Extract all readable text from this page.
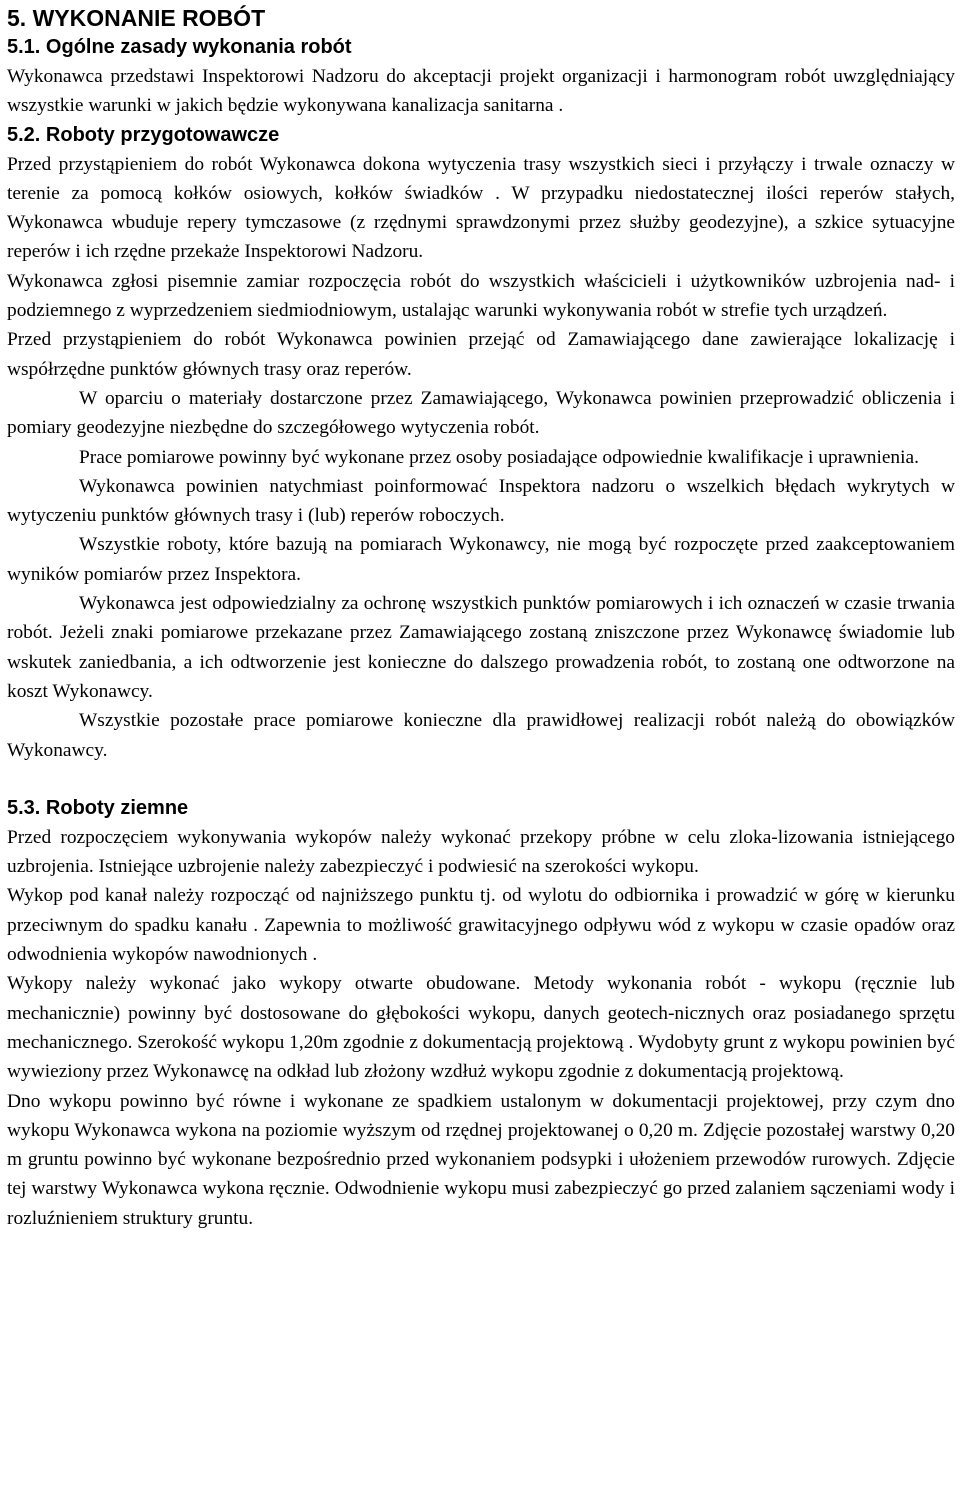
5. WYKONANIE ROBÓT
5.1. Ogólne zasady wykonania robót

Wykonawca przedstawi Inspektorowi Nadzoru do akceptacji projekt organizacji i harmonogram robót uwzględniający wszystkie warunki w jakich będzie wykonywana kanalizacja sanitarna .

5.2. Roboty przygotowawcze

Przed przystąpieniem do robót Wykonawca dokona wytyczenia trasy wszystkich sieci i przyłączy i trwale oznaczy w terenie za pomocą kołków osiowych, kołków świadków . W przypadku niedostatecznej ilości reperów stałych, Wykonawca wbuduje repery tymczasowe (z rzędnymi sprawdzonymi przez służby geodezyjne), a szkice sytuacyjne reperów i ich rzędne przekaże Inspektorowi Nadzoru.

Wykonawca zgłosi pisemnie zamiar rozpoczęcia robót do wszystkich właścicieli i użytkowników uzbrojenia nad- i podziemnego z wyprzedzeniem siedmiodniowym, ustalając warunki wykonywania robót w strefie tych urządzeń.

Przed przystąpieniem do robót Wykonawca powinien przejąć od Zamawiającego dane zawierające lokalizację i współrzędne punktów głównych trasy oraz reperów.

W oparciu o materiały dostarczone przez Zamawiającego, Wykonawca powinien przeprowadzić obliczenia i pomiary geodezyjne niezbędne do szczegółowego wytyczenia robót.

Prace pomiarowe powinny być wykonane przez osoby posiadające odpowiednie kwalifikacje i uprawnienia.

Wykonawca powinien natychmiast poinformować Inspektora nadzoru o wszelkich błędach wykrytych w wytyczeniu punktów głównych trasy i (lub) reperów roboczych.

Wszystkie roboty, które bazują na pomiarach Wykonawcy, nie mogą być rozpoczęte przed zaakceptowaniem wyników pomiarów przez Inspektora.

Wykonawca jest odpowiedzialny za ochronę wszystkich punktów pomiarowych i ich oznaczeń w czasie trwania robót. Jeżeli znaki pomiarowe przekazane przez Zamawiającego zostaną zniszczone przez Wykonawcę świadomie lub wskutek zaniedbania, a ich odtworzenie jest konieczne do dalszego prowadzenia robót, to zostaną one odtworzone na koszt Wykonawcy.

Wszystkie pozostałe prace pomiarowe konieczne dla prawidłowej realizacji robót należą do obowiązków Wykonawcy.

5.3. Roboty ziemne

Przed rozpoczęciem wykonywania wykopów należy wykonać przekopy próbne w celu zloka-lizowania istniejącego uzbrojenia. Istniejące uzbrojenie należy zabezpieczyć i podwiesić na szerokości wykopu.

Wykop pod kanał należy rozpocząć od najniższego punktu tj. od wylotu do odbiornika i prowadzić w górę w kierunku przeciwnym do spadku kanału . Zapewnia to możliwość grawitacyjnego odpływu wód z wykopu w czasie opadów oraz odwodnienia wykopów nawodnionych .

Wykopy należy wykonać jako wykopy otwarte obudowane. Metody wykonania robót - wykopu (ręcznie lub mechanicznie) powinny być dostosowane do głębokości wykopu, danych geotech-nicznych oraz posiadanego sprzętu mechanicznego. Szerokość wykopu 1,20m zgodnie z dokumentacją projektową . Wydobyty grunt z wykopu powinien być wywieziony przez Wykonawcę na odkład lub złożony wzdłuż wykopu zgodnie z dokumentacją projektową.

Dno wykopu powinno być równe i wykonane ze spadkiem ustalonym w dokumentacji projektowej, przy czym dno wykopu Wykonawca wykona na poziomie wyższym od rzędnej projektowanej o 0,20 m. Zdjęcie pozostałej warstwy 0,20 m gruntu powinno być wykonane bezpośrednio przed wykonaniem podsypki i ułożeniem przewodów rurowych. Zdjęcie tej warstwy Wykonawca wykona ręcznie. Odwodnienie wykopu musi zabezpieczyć go przed zalaniem sączeniami wody i rozluźnieniem struktury gruntu.
